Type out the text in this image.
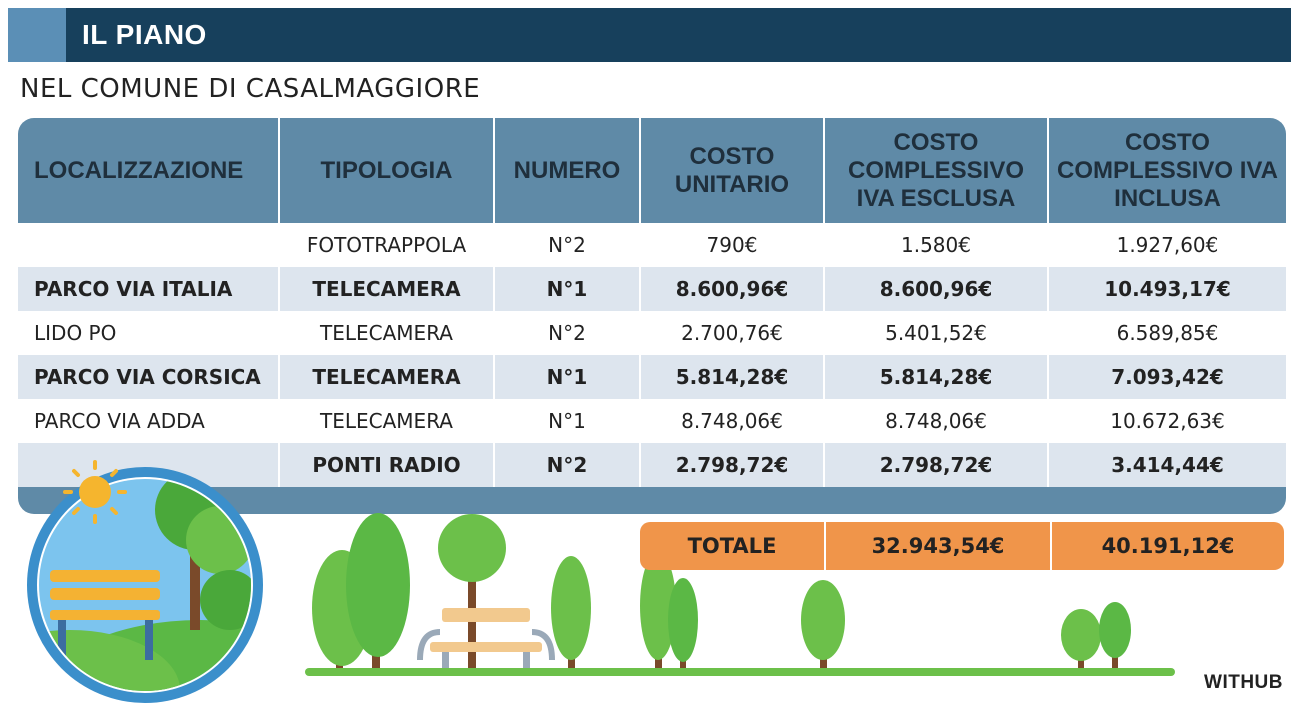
IL PIANO
NEL COMUNE DI CASALMAGGIORE
LOCALIZZAZIONE	TIPOLOGIA	NUMERO	COSTO UNITARIO	COSTO COMPLESSIVO IVA ESCLUSA	COSTO COMPLESSIVO IVA INCLUSA
	FOTOTRAPPOLA	N°2	790€	1.580€	1.927,60€
PARCO VIA ITALIA	TELECAMERA	N°1	8.600,96€	8.600,96€	10.493,17€
LIDO PO	TELECAMERA	N°2	2.700,76€	5.401,52€	6.589,85€
PARCO VIA CORSICA	TELECAMERA	N°1	5.814,28€	5.814,28€	7.093,42€
PARCO VIA ADDA	TELECAMERA	N°1	8.748,06€	8.748,06€	10.672,63€
	PONTI RADIO	N°2	2.798,72€	2.798,72€	3.414,44€
TOTALE	32.943,54€	40.191,12€
WITHUB
